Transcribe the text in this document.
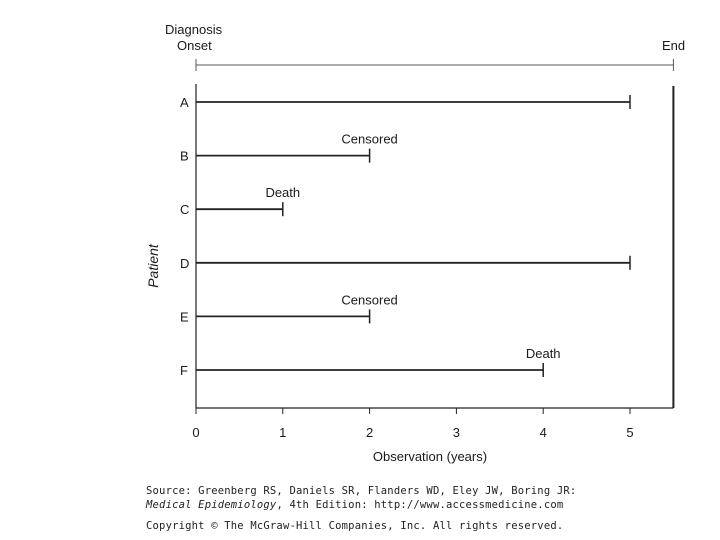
Diagnosis
Onset	End
Patient
Observation (years)
0	1	2	3	4	5
A
B
Censored
C
Death
D
E
Censored
F
Death
Source: Greenberg RS, Daniels SR, Flanders WD, Eley JW, Boring JR:
Medical Epidemiology, 4th Edition: http://www.accessmedicine.com
Copyright © The McGraw-Hill Companies, Inc. All rights reserved.
